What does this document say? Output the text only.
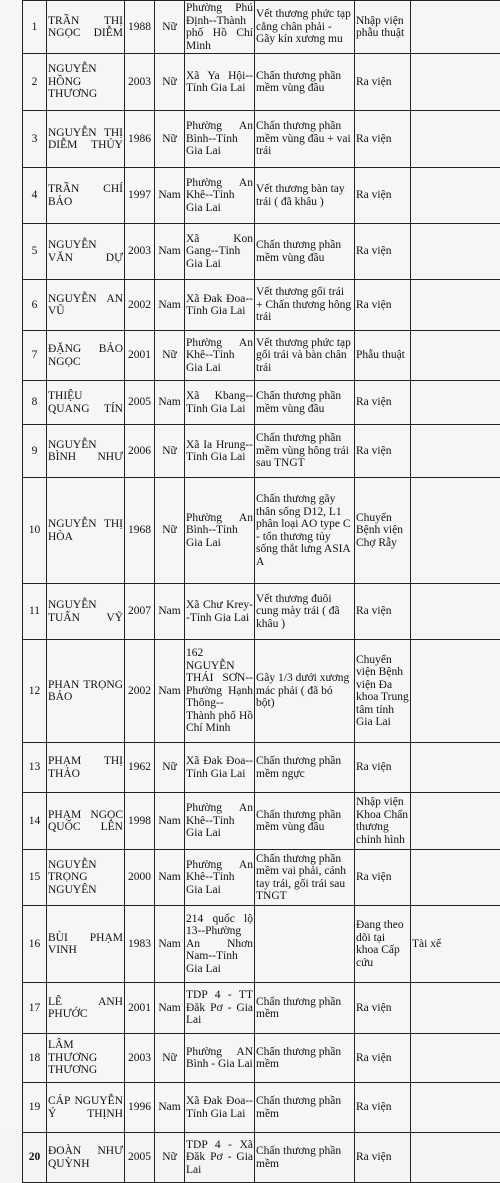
1	TRẦN THỊ NGỌC DIỄM	1988	Nữ	Phường Phú Định--Thành phố Hồ Chí Minh	Vết thương phức tạp cẳng chân phải - Gãy kín xương mu	Nhập viện phẫu thuật	
2	NGUYỄN HỒNG THƯƠNG	2003	Nữ	Xã Ya Hội--Tỉnh Gia Lai	Chấn thương phần mềm vùng đầu	Ra viện	
3	NGUYỄN THỊ DIỄM THỦY	1986	Nữ	Phường An Bình--Tỉnh Gia Lai	Chấn thương phần mềm vùng đầu + vai trái	Ra viện	
4	TRẦN CHÍ BẢO	1997	Nam	Phường An Khê--Tỉnh Gia Lai	Vết thương bàn tay trái ( đã khâu )	Ra viện	
5	NGUYỄN VĂN DỰ	2003	Nam	Xã Kon Gang--Tỉnh Gia Lai	Chấn thương phần mềm vùng đầu	Ra viện	
6	NGUYỄN AN VŨ	2002	Nam	Xã Đak Đoa--Tỉnh Gia Lai	Vết thương gối trái + Chấn thương hông trái	Ra viện	
7	ĐẶNG BẢO NGỌC	2001	Nữ	Phường An Khê--Tỉnh Gia Lai	Vết thương phức tạp gối trái và bàn chân trái	Phẫu thuật	
8	THIỆU QUANG TÍN	2005	Nam	Xã Kbang--Tỉnh Gia Lai	Chấn thương phần mềm vùng đầu	Ra viện	
9	NGUYỄN BÌNH NHƯ	2006	Nữ	Xã Ia Hrung--Tỉnh Gia Lai	Chấn thương phần mềm vùng hông trái sau TNGT	Ra viện	
10	NGUYỄN THỊ HÒA	1968	Nữ	Phường An Bình--Tỉnh Gia Lai	Chấn thương gãy thân sống D12, L1 phân loại AO type C - tổn thương tủy sống thắt lưng ASIA A	Chuyển Bệnh viện Chợ Rẫy	
11	NGUYỄN TUẤN VỸ	2007	Nam	Xã Chư Krey--Tỉnh Gia Lai	Vết thương đuôi cung mày trái ( đã khâu )	Ra viện	
12	PHAN TRỌNG BẢO	2002	Nam	162 NGUYỄN THÁI SƠN--Phường Hạnh Thông--Thành phố Hồ Chí Minh	Gãy 1/3 dưới xương mác phải ( đã bó bột)	Chuyển viện Bệnh viện Đa khoa Trung tâm tỉnh Gia Lai	
13	PHẠM THỊ THẢO	1962	Nữ	Xã Đak Đoa--Tỉnh Gia Lai	Chấn thương phần mềm ngực	Ra viện	
14	PHẠM NGỌC QUỐC LÊN	1998	Nam	Phường An Khê--Tỉnh Gia Lai	Chấn thương phần mềm vùng đầu	Nhập viện Khoa Chấn thương chỉnh hình	
15	NGUYỄN TRỌNG NGUYÊN	2000	Nam	Phường An Khê--Tỉnh Gia Lai	Chấn thương phần mềm vai phải, cánh tay trái, gối trái sau TNGT	Ra viện	
16	BÙI PHẠM VINH	1983	Nam	214 quốc lộ 13--Phường An Nhơn Nam--Tỉnh Gia Lai		Đang theo dõi tại khoa Cấp cứu	Tài xế
17	LÊ ANH PHƯỚC	2001	Nam	TDP 4 - TT Đăk Pơ - Gia Lai	Chấn thương phần mềm	Ra viện	
18	LÂM THƯƠNG THƯƠNG	2003	Nữ	Phường AN Bình - Gia Lai	Chấn thương phần mềm	Ra viện	
19	CÁP NGUYỄN Ý THỊNH	1996	Nam	Xã Đak Đoa--Tỉnh Gia Lai	Chấn thương phần mềm	Ra viện	
20	ĐOÀN NHƯ QUỲNH	2005	Nữ	TDP 4 - Xã Đăk Pơ - Gia Lai	Chấn thương phần mềm	Ra viện	
